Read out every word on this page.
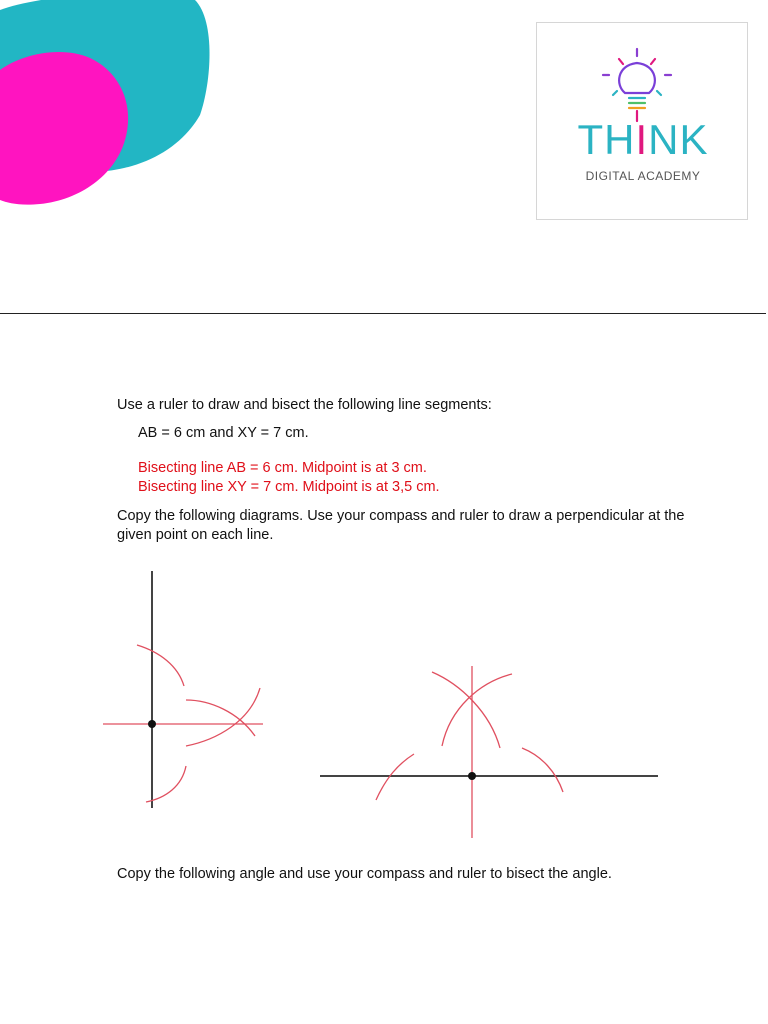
THINK
DIGITAL ACADEMY
Use a ruler to draw and bisect the following line segments:
AB = 6 cm and XY = 7 cm.
Bisecting line AB = 6 cm. Midpoint is at 3 cm.
Bisecting line XY = 7 cm. Midpoint is at 3,5 cm.
Copy the following diagrams. Use your compass and ruler to draw a perpendicular at the given point on each line.
Copy the following angle and use your compass and ruler to bisect the angle.
